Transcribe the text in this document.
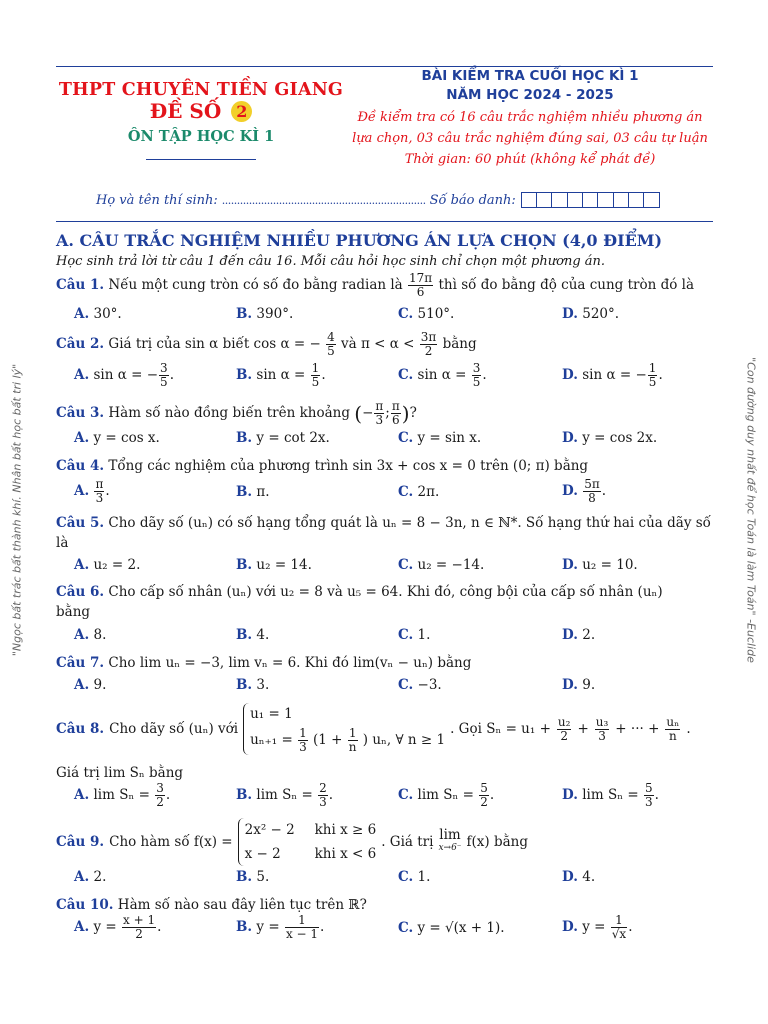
"Ngọc bất trác bất thành khí. Nhân bất học bất tri lý"	"Con đường duy nhất để học Toán là làm Toán" -Euclide
THPT CHUYÊN TIỀN GIANG
ĐỀ SỐ 2
ÔN TẬP HỌC KÌ 1
BÀI KIỂM TRA CUỐI HỌC KÌ 1
NĂM HỌC 2024 - 2025
Đề kiểm tra có 16 câu trắc nghiệm nhiều phương án
lựa chọn, 03 câu trắc nghiệm đúng sai, 03 câu tự luận
Thời gian: 60 phút (không kể phát đề)
Họ và tên thí sinh: .................................................................... Số báo danh:
A. CÂU TRẮC NGHIỆM NHIỀU PHƯƠNG ÁN LỰA CHỌN (4,0 ĐIỂM)
Học sinh trả lời từ câu 1 đến câu 16. Mỗi câu hỏi học sinh chỉ chọn một phương án.
Câu 1. Nếu một cung tròn có số đo bằng radian là $\frac{17\pi}{6}$ thì số đo bằng độ của cung tròn đó là
A. 30°.	B. 390°.	C. 510°.	D. 520°.
Câu 2. Giá trị của sin α biết cos α = − $\frac{4}{5}$ và $\pi < \alpha < \frac{3\pi}{2}$ bằng
A. sin α = − $\frac{3}{5}$ .	B. $\sin \alpha = \frac{1}{5}$ .	C. $\sin \alpha = \frac{3}{5}$ .	D. sin α = − $\frac{1}{5}$ .
Câu 3. Hàm số nào đồng biến trên khoảng (− $\frac{\pi}{3}$ ; $\frac{\pi}{6}$ )?
A. y = cos x.	B. y = cot 2x.	C. y = sin x.	D. y = cos 2x.
Câu 4. Tổng các nghiệm của phương trình sin 3x + cos x = 0 trên (0; π) bằng
A. $\frac{\pi}{3}$ .	B. π.	C. 2π.	D. $\frac{5\pi}{8}$ .
Câu 5. Cho dãy số (uₙ) có số hạng tổng quát là uₙ = 8 − 3n, n ∈ ℕ*. Số hạng thứ hai của dãy số
là
A. u₂ = 2.	B. u₂ = 14.	C. u₂ = −14.	D. u₂ = 10.
Câu 6. Cho cấp số nhân (uₙ) với u₂ = 8 và u₅ = 64. Khi đó, công bội của cấp số nhân (uₙ)
bằng
A. 8.	B. 4.	C. 1.	D. 2.
Câu 7. Cho lim uₙ = −3, lim vₙ = 6. Khi đó lim(vₙ − uₙ) bằng
A. 9.	B. 3.	C. −3.	D. 9.
Câu 8. Cho dãy số (uₙ) với
u₁ = 1
$u_{n+1} = \frac{1}{3} (1 + \frac{1}{n}$ ) uₙ, ∀ n ≥ 1
. Gọi $S_n = u_1 + \frac{\text{u₂}}{2} + \frac{\text{u₃}}{3}$ + ··· + $\frac{\text{uₙ}}{n}$ .
Giá trị lim Sₙ bằng
A. $\lim S_n = \frac{3}{2}$ .	B. $\lim S_n = \frac{2}{3}$ .	C. $\lim S_n = \frac{5}{2}$ .	D. $\lim S_n = \frac{5}{3}$ .
Câu 9. Cho hàm số f(x) =
2x² − 2 khi x ≥ 6
x − 2	khi x < 6
. Giá trị lim
x→6⁻ f(x) bằng
A. 2.	B. 5.	C. 1.	D. 4.
Câu 10. Hàm số nào sau đây liên tục trên ℝ?
A. $y = \frac{x + 1}{2}$ .	B. $y = \frac{1}{x - 1}$ .	C. y = √(x + 1).	D. $y = \frac{1}{√x}$ .
